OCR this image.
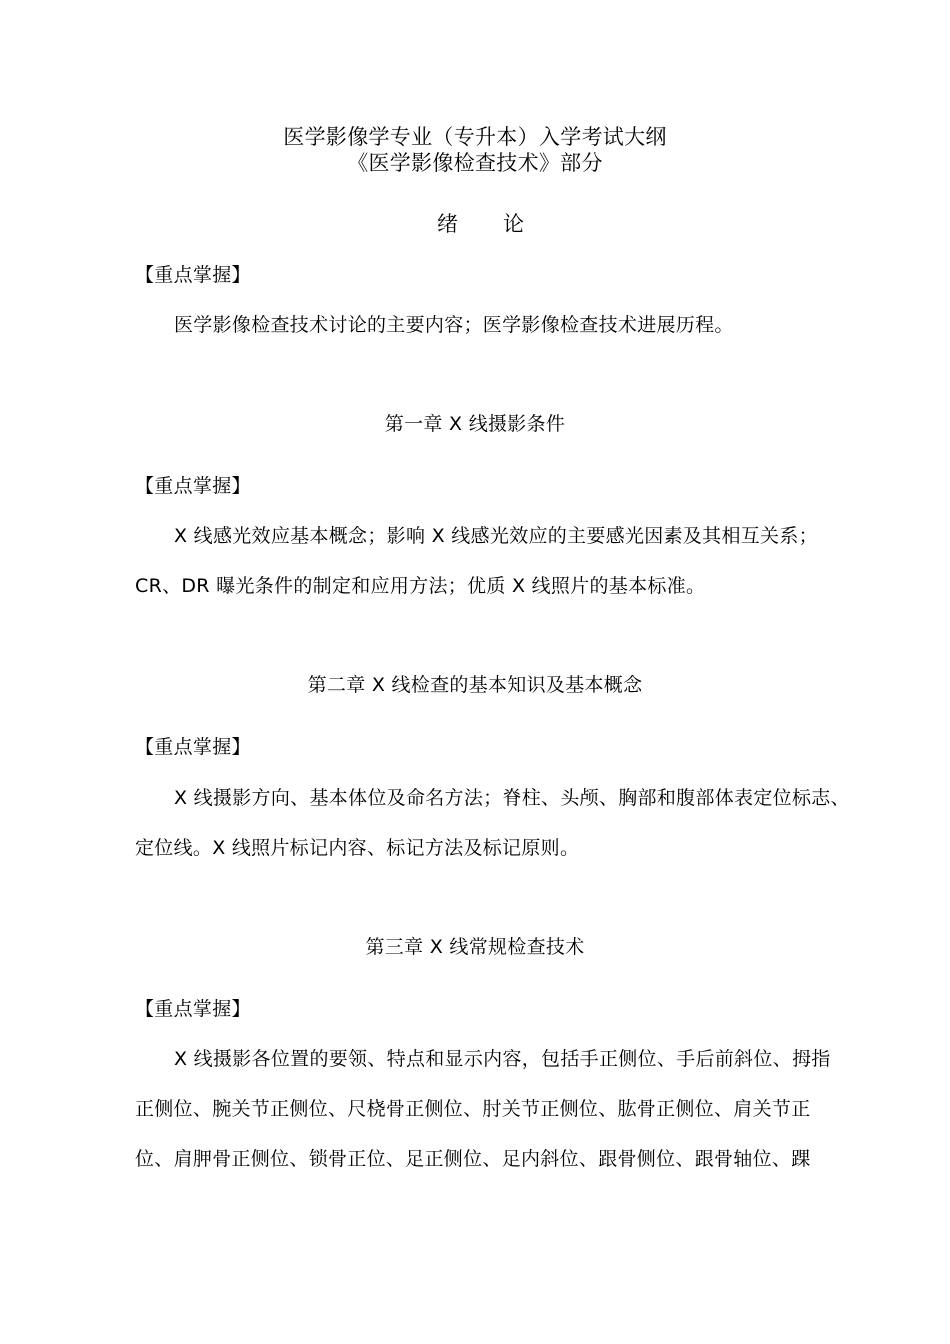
医学影像学专业（专升本）入学考试大纲
《医学影像检查技术》部分
绪 论
【重点掌握】
医学影像检查技术讨论的主要内容；医学影像检查技术进展历程。
第一章 X 线摄影条件
【重点掌握】
X 线感光效应基本概念；影响 X 线感光效应的主要感光因素及其相互关系；
CR、DR 曝光条件的制定和应用方法；优质 X 线照片的基本标准。
第二章 X 线检查的基本知识及基本概念
【重点掌握】
X 线摄影方向、基本体位及命名方法；脊柱、头颅、胸部和腹部体表定位标志、
定位线。X 线照片标记内容、标记方法及标记原则。
第三章 X 线常规检查技术
【重点掌握】
X 线摄影各位置的要领、特点和显示内容，包括手正侧位、手后前斜位、拇指
正侧位、腕关节正侧位、尺桡骨正侧位、肘关节正侧位、肱骨正侧位、肩关节正
位、肩胛骨正侧位、锁骨正位、足正侧位、足内斜位、跟骨侧位、跟骨轴位、踝
